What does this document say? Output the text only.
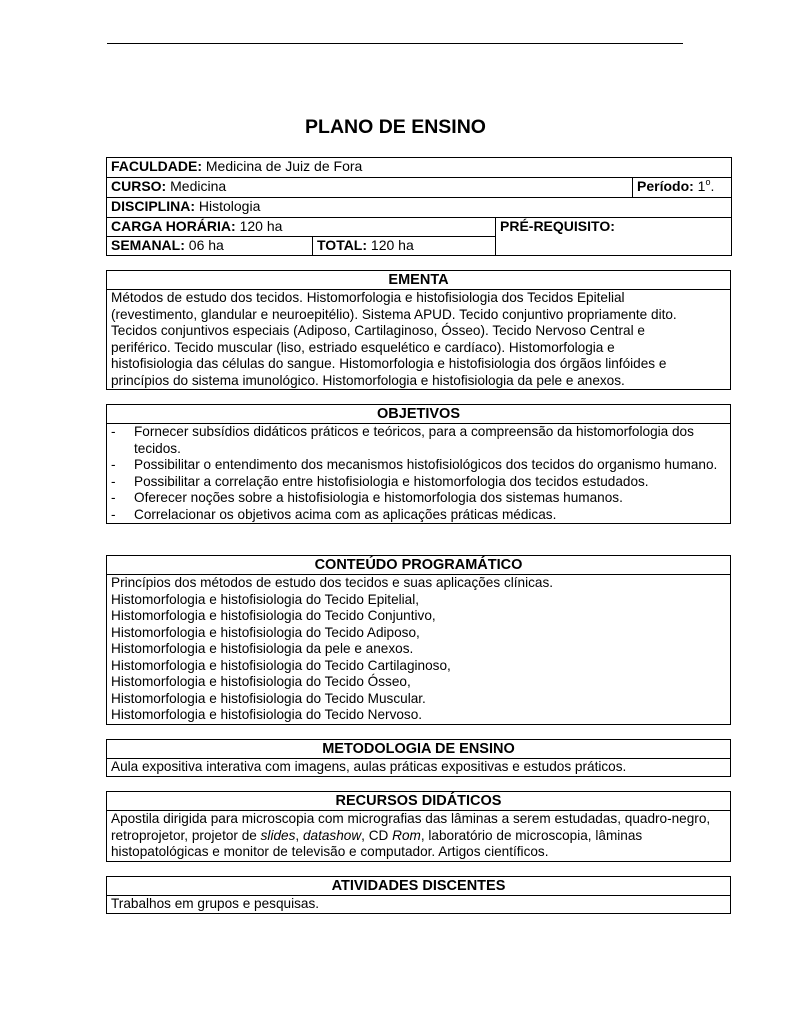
PLANO DE ENSINO
FACULDADE: Medicina de Juiz de Fora			
CURSO: Medicina			Período: 1$^o$.
DISCIPLINA: Histologia			
CARGA HORÁRIA: 120 ha		PRÉ-REQUISITO:	
SEMANAL: 06 ha	TOTAL: 120 ha		
EMENTA

Métodos de estudo dos tecidos. Histomorfologia e histofisiologia dos Tecidos Epitelial
(revestimento, glandular e neuroepitélio). Sistema APUD. Tecido conjuntivo propriamente dito.
Tecidos conjuntivos especiais (Adiposo, Cartilaginoso, Ósseo). Tecido Nervoso Central e
periférico. Tecido muscular (liso, estriado esquelético e cardíaco). Histomorfologia e
histofisiologia das células do sangue. Histomorfologia e histofisiologia dos órgãos linfóides e
princípios do sistema imunológico. Histomorfologia e histofisiologia da pele e anexos.
OBJETIVOS

- Fornecer subsídios didáticos práticos e teóricos, para a compreensão da histomorfologia dos tecidos.
- Possibilitar o entendimento dos mecanismos histofisiológicos dos tecidos do organismo humano.
- Possibilitar a correlação entre histofisiologia e histomorfologia dos tecidos estudados.
- Oferecer noções sobre a histofisiologia e histomorfologia dos sistemas humanos.
- Correlacionar os objetivos acima com as aplicações práticas médicas.
CONTEÚDO PROGRAMÁTICO

Princípios dos métodos de estudo dos tecidos e suas aplicações clínicas.
Histomorfologia e histofisiologia do Tecido Epitelial,
Histomorfologia e histofisiologia do Tecido Conjuntivo,
Histomorfologia e histofisiologia do Tecido Adiposo,
Histomorfologia e histofisiologia da pele e anexos.
Histomorfologia e histofisiologia do Tecido Cartilaginoso,
Histomorfologia e histofisiologia do Tecido Ósseo,
Histomorfologia e histofisiologia do Tecido Muscular.
Histomorfologia e histofisiologia do Tecido Nervoso.
METODOLOGIA DE ENSINO
Aula expositiva interativa com imagens, aulas práticas expositivas e estudos práticos.
RECURSOS DIDÁTICOS
Apostila dirigida para microscopia com micrografias das lâminas a serem estudadas, quadro-negro, retroprojetor, projetor de slides, datashow, CD Rom, laboratório de microscopia, lâminas histopatológicas e monitor de televisão e computador. Artigos científicos.
ATIVIDADES DISCENTES
Trabalhos em grupos e pesquisas.
